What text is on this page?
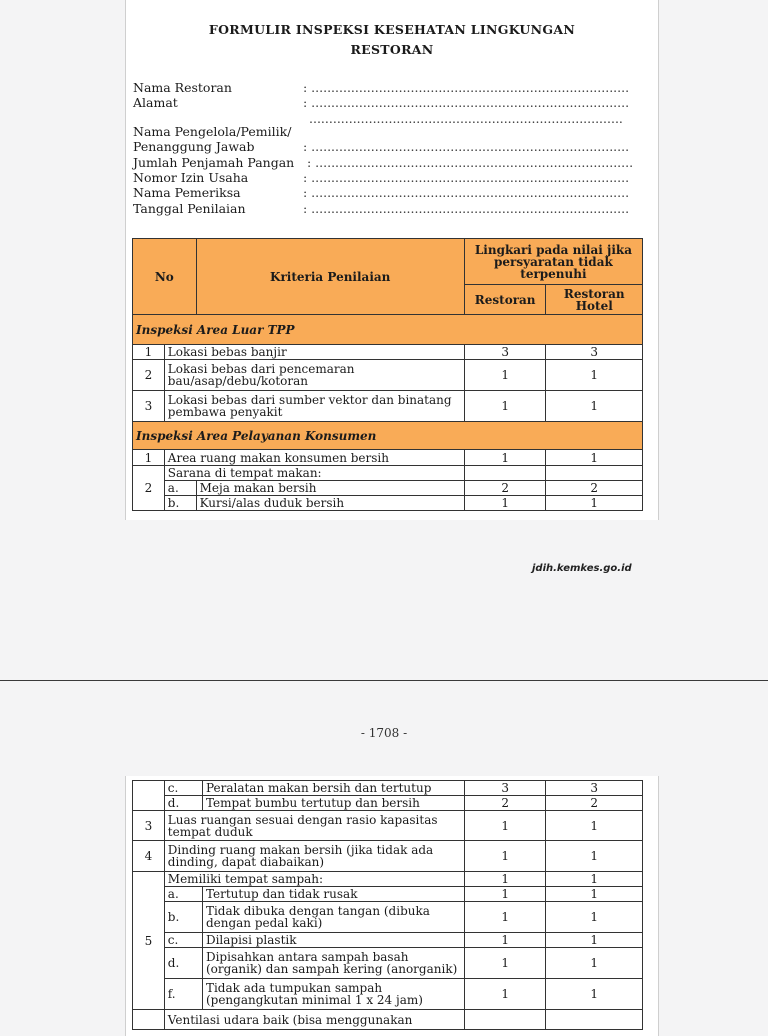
FORMULIR INSPEKSI KESEHATAN LINGKUNGAN
RESTORAN
Nama Restoran	: ................................................................................
Alamat	: ................................................................................
...............................................................................
Nama Pengelola/Pemilik/
Penanggung Jawab	: ................................................................................
Jumlah Penjamah Pangan : ................................................................................
Nomor Izin Usaha	: ................................................................................
Nama Pemeriksa	: ................................................................................
Tanggal Penilaian	: ................................................................................
No		Kriteria Penilaian	Lingkari pada nilai jika persyaratan tidak terpenuhi	
			Restoran	Restoran Hotel
Inspeksi Area Luar TPP				
1	Lokasi bebas banjir		3	3
2	Lokasi bebas dari pencemaran bau/asap/debu/kotoran		1	1
3	Lokasi bebas dari sumber vektor dan binatang pembawa penyakit		1	1
Inspeksi Area Pelayanan Konsumen				
1	Area ruang makan konsumen bersih		1	1
2	Sarana di tempat makan:			
	a.	Meja makan bersih	2	2
	b.	Kursi/alas duduk bersih	1	1
jdih.kemkes.go.id
- 1708 -
	c.	Peralatan makan bersih dan tertutup	3	3
	d.	Tempat bumbu tertutup dan bersih	2	2
3	Luas ruangan sesuai dengan rasio kapasitas tempat duduk		1	1
4	Dinding ruang makan bersih (jika tidak ada dinding, dapat diabaikan)		1	1
5	Memiliki tempat sampah:		1	1
	a.	Tertutup dan tidak rusak	1	1
	b.	Tidak dibuka dengan tangan (dibuka dengan pedal kaki)	1	1
	c.	Dilapisi plastik	1	1
	d.	Dipisahkan antara sampah basah (organik) dan sampah kering (anorganik)	1	1
	f.	Tidak ada tumpukan sampah (pengangkutan minimal 1 x 24 jam)	1	1
	Ventilasi udara baik (bisa menggunakan			
